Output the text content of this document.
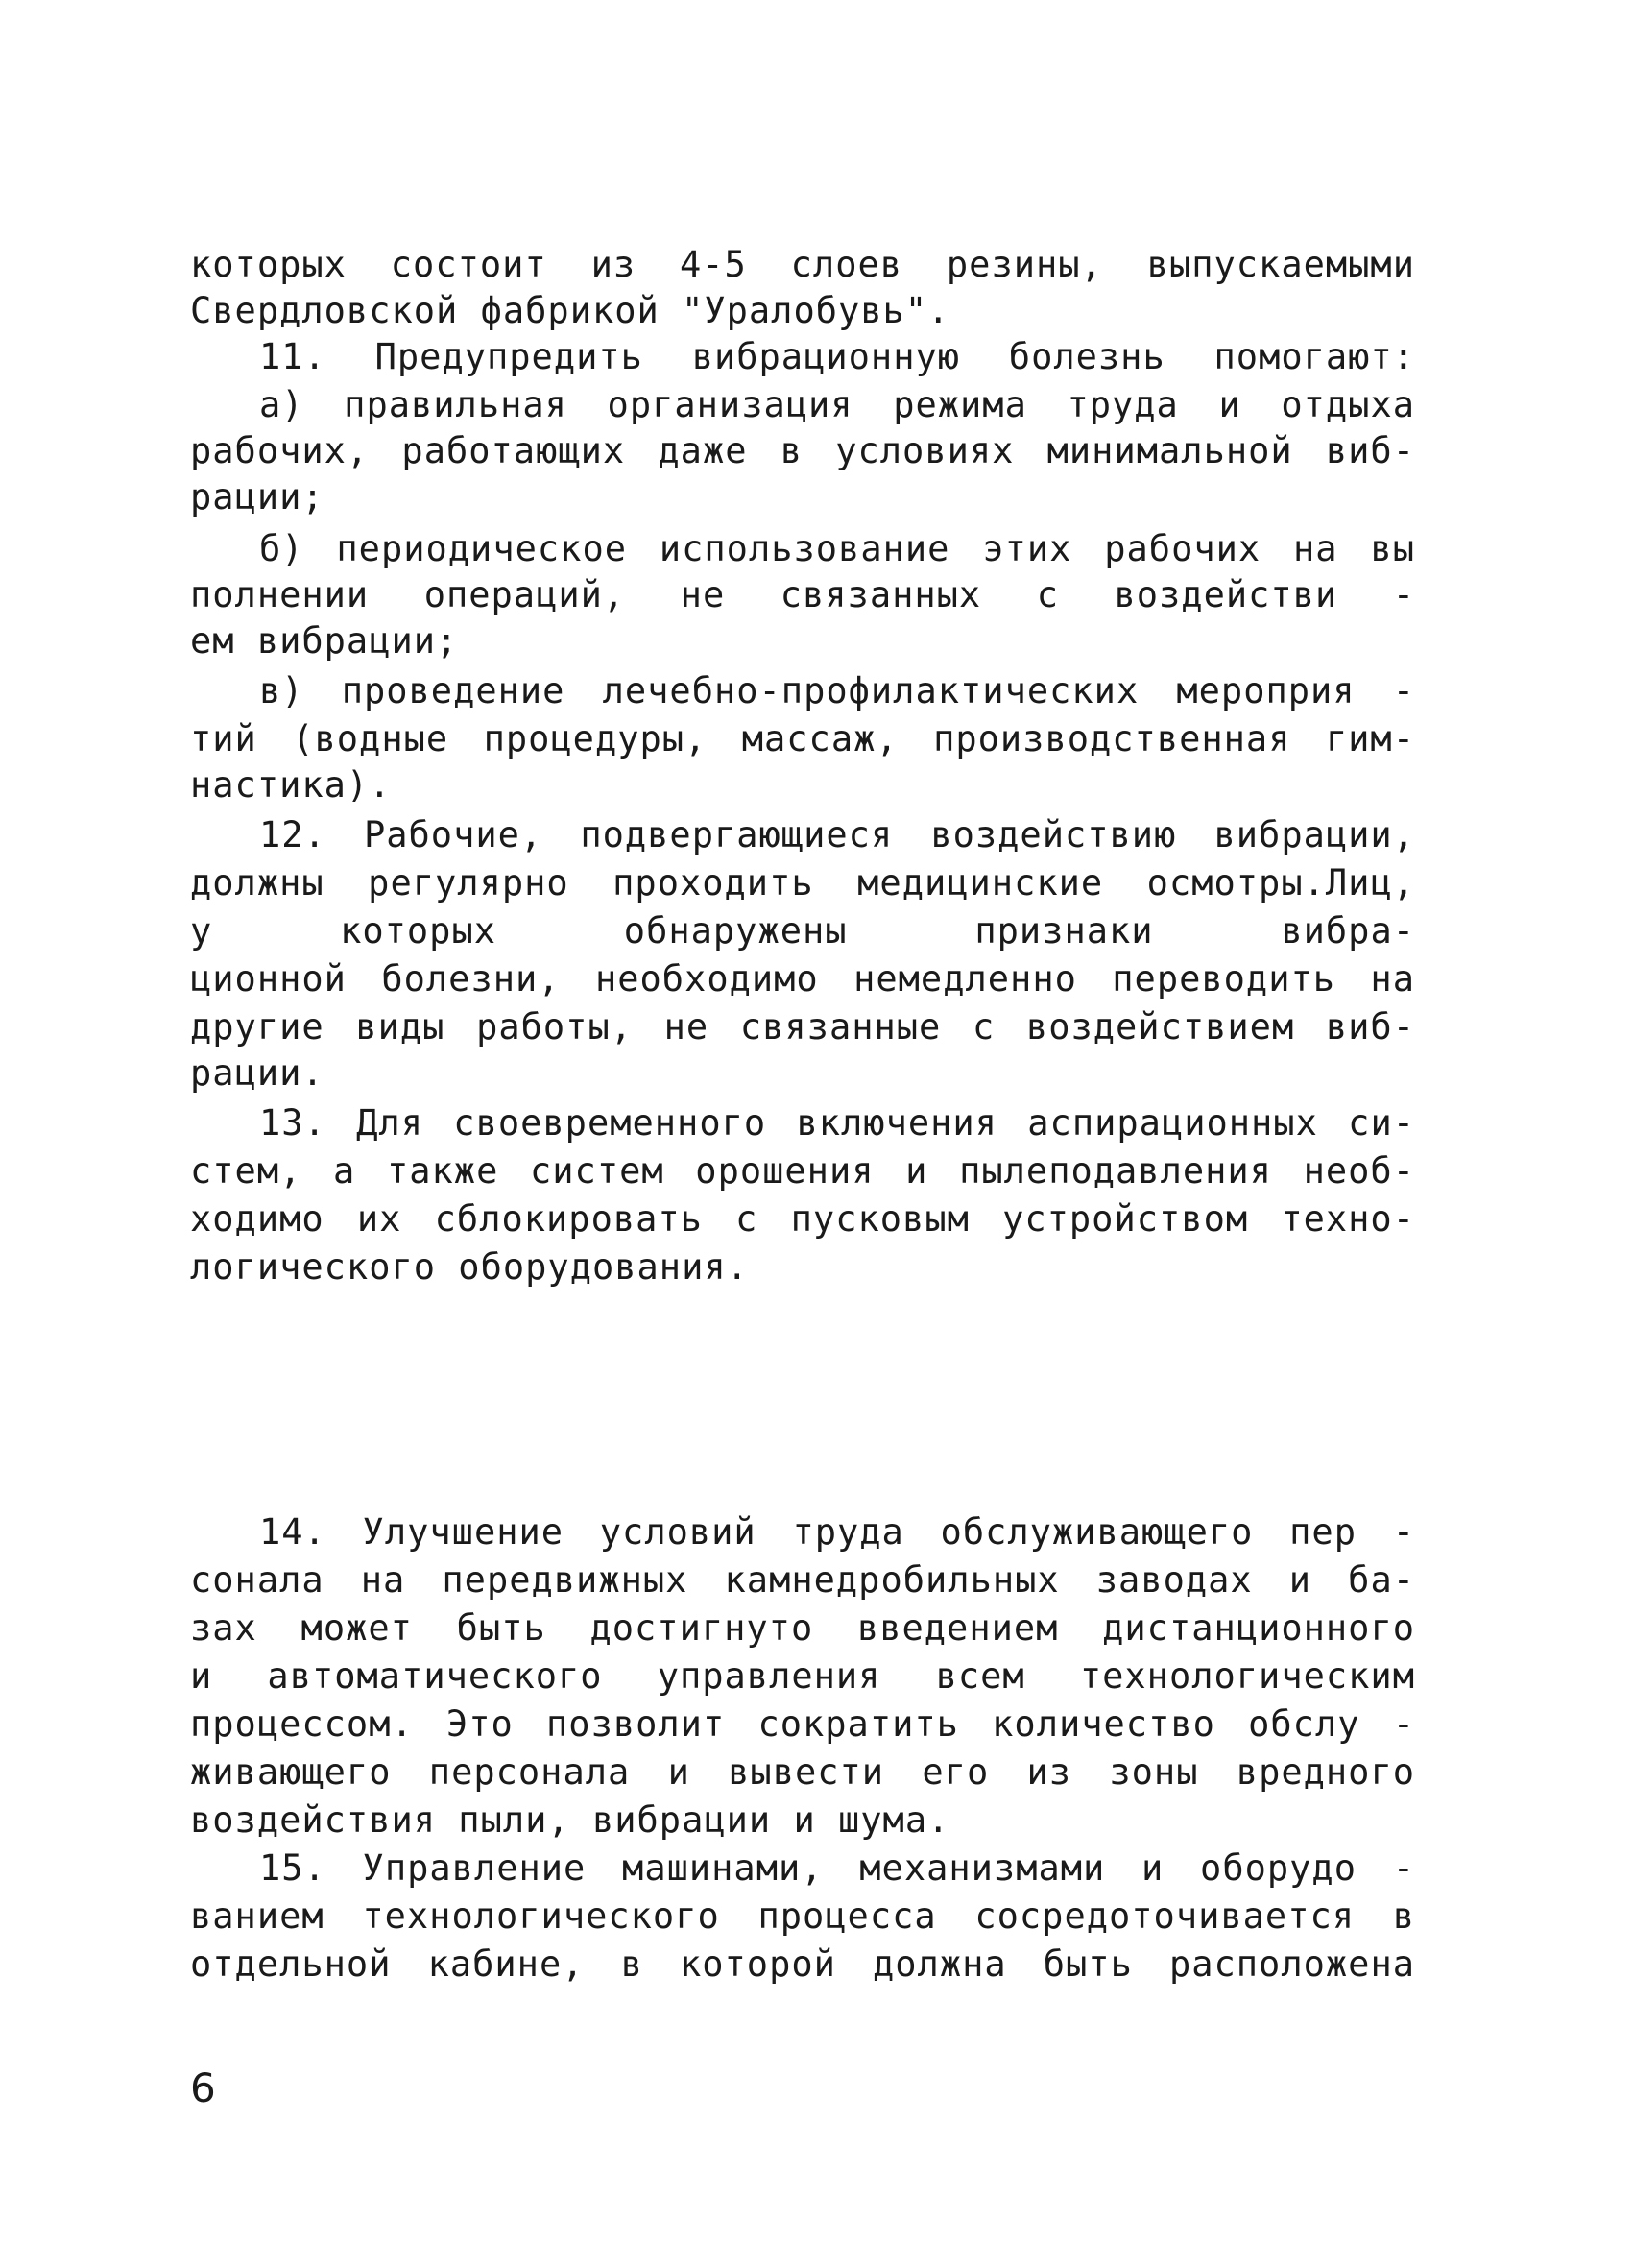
которых состоит из 4-5 слоев резины, выпускаемыми
Свердловской фабрикой "Уралобувь".
11. Предупредить вибрационную болезнь помогают:
а) правильная организация режима труда и отдыха
рабочих, работающих даже в условиях минимальной виб-
рации;
б) периодическое использование этих рабочих на вы
полнении операций, не связанных с воздействи -
ем вибрации;
в) проведение лечебно-профилактических мероприя -
тий (водные процедуры, массаж, производственная гим-
настика).
12. Рабочие, подвергающиеся воздействию вибрации,
должны регулярно проходить медицинские осмотры.Лиц,
у которых обнаружены признаки вибра-
ционной болезни, необходимо немедленно переводить на
другие виды работы, не связанные с воздействием виб-
рации.
13. Для своевременного включения аспирационных си-
стем, а также систем орошения и пылеподавления необ-
ходимо их сблокировать с пусковым устройством техно-
логического оборудования.
14. Улучшение условий труда обслуживающего пер -
сонала на передвижных камнедробильных заводах и ба-
зах может быть достигнуто введением дистанционного
и автоматического управления всем технологическим
процессом. Это позволит сократить количество обслу -
живающего персонала и вывести его из зоны вредного
воздействия пыли, вибрации и шума.
15. Управление машинами, механизмами и оборудо -
ванием технологического процесса сосредоточивается в
отдельной кабине, в которой должна быть расположена
6
